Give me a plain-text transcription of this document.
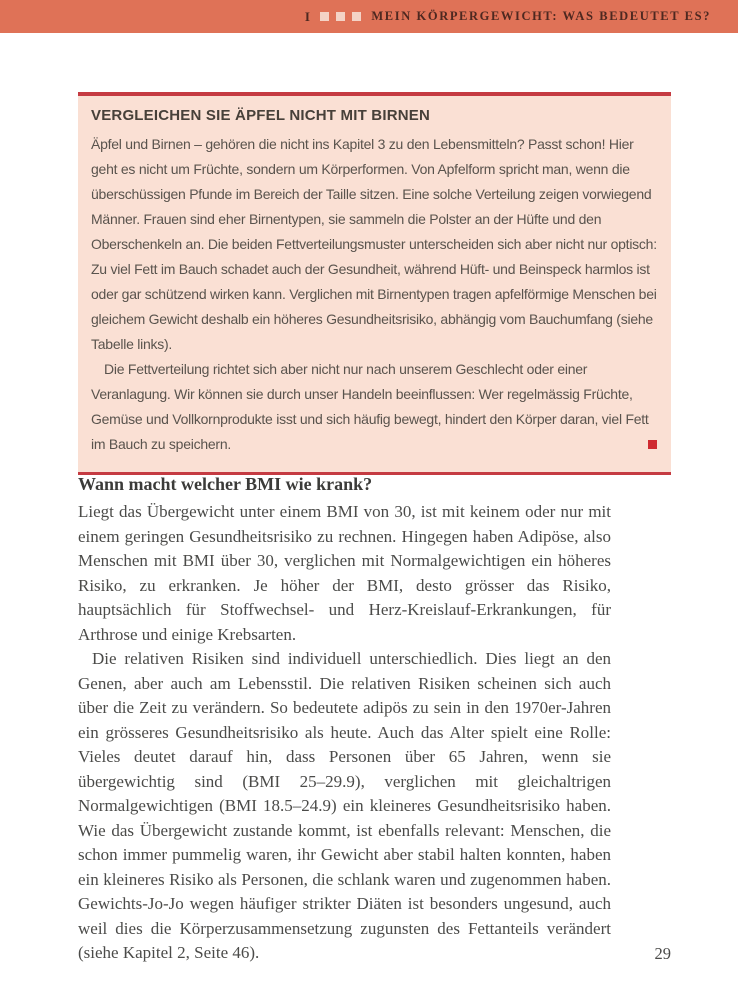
I	MEIN KÖRPERGEWICHT: WAS BEDEUTET ES?
VERGLEICHEN SIE ÄPFEL NICHT MIT BIRNEN

Äpfel und Birnen – gehören die nicht ins Kapitel 3 zu den Lebensmitteln? Passt schon! Hier geht es nicht um Früchte, sondern um Körperformen. Von Apfelform spricht man, wenn die überschüssigen Pfunde im Bereich der Taille sitzen. Eine solche Verteilung zeigen vorwiegend Männer. Frauen sind eher Birnentypen, sie sammeln die Polster an der Hüfte und den Oberschenkeln an. Die beiden Fettverteilungsmuster unterscheiden sich aber nicht nur optisch: Zu viel Fett im Bauch schadet auch der Gesundheit, während Hüft- und Beinspeck harmlos ist oder gar schützend wirken kann. Verglichen mit Birnentypen tragen apfelförmige Menschen bei gleichem Gewicht deshalb ein höheres Gesundheitsrisiko, abhängig vom Bauchumfang (siehe Tabelle links).

Die Fettverteilung richtet sich aber nicht nur nach unserem Geschlecht oder einer Veranlagung. Wir können sie durch unser Handeln beeinflussen: Wer regelmässig Früchte, Gemüse und Vollkornprodukte isst und sich häufig bewegt, hindert den Körper daran, viel Fett im Bauch zu speichern.

Wann macht welcher BMI wie krank?

Liegt das Übergewicht unter einem BMI von 30, ist mit keinem oder nur mit einem geringen Gesundheitsrisiko zu rechnen. Hingegen haben Adipöse, also Menschen mit BMI über 30, verglichen mit Normalgewichtigen ein höheres Risiko, zu erkranken. Je höher der BMI, desto grösser das Risiko, hauptsächlich für Stoffwechsel- und Herz-Kreislauf-Erkrankungen, für Arthrose und einige Krebsarten.

Die relativen Risiken sind individuell unterschiedlich. Dies liegt an den Genen, aber auch am Lebensstil. Die relativen Risiken scheinen sich auch über die Zeit zu verändern. So bedeutete adipös zu sein in den 1970er-Jahren ein grösseres Gesundheitsrisiko als heute. Auch das Alter spielt eine Rolle: Vieles deutet darauf hin, dass Personen über 65 Jahren, wenn sie übergewichtig sind (BMI 25–29.9), verglichen mit gleichaltrigen Normalgewichtigen (BMI 18.5–24.9) ein kleineres Gesundheitsrisiko haben. Wie das Übergewicht zustande kommt, ist ebenfalls relevant: Menschen, die schon immer pummelig waren, ihr Gewicht aber stabil halten konnten, haben ein kleineres Risiko als Personen, die schlank waren und zugenommen haben. Gewichts-Jo-Jo wegen häufiger strikter Diäten ist besonders ungesund, auch weil dies die Körperzusammensetzung zugunsten des Fettanteils verändert (siehe Kapitel 2, Seite 46).	29
